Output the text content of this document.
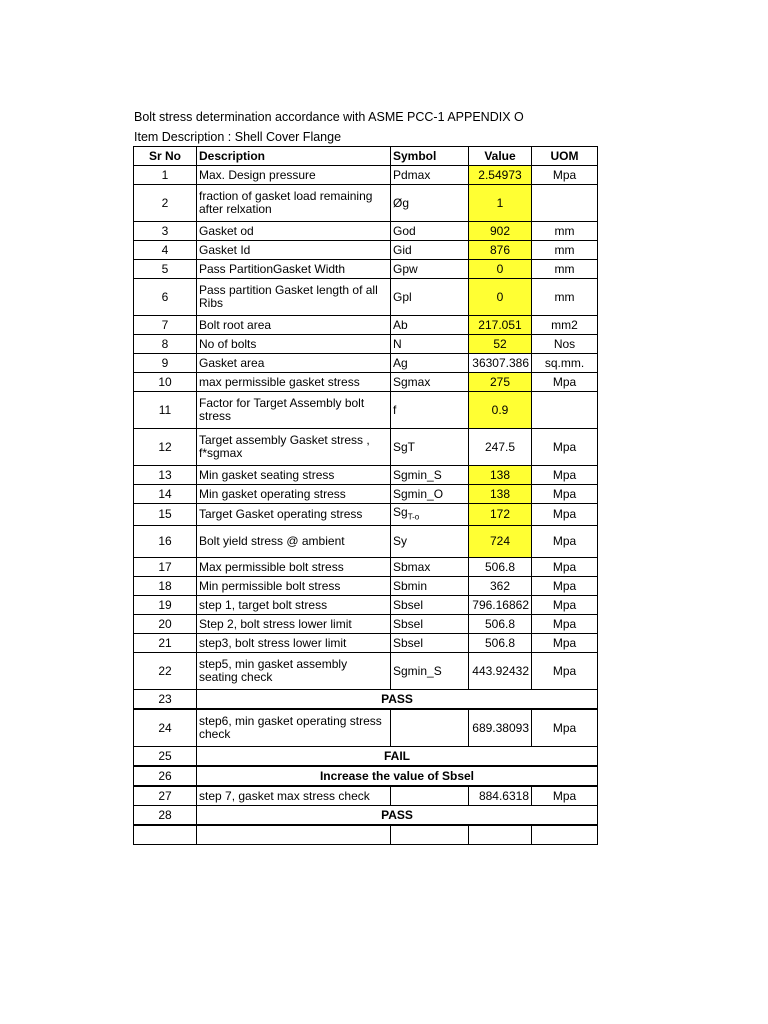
Bolt stress determination accordance with ASME PCC-1 APPENDIX O
Item Description : Shell Cover Flange
Sr No	Description	Symbol	Value	UOM
1	Max. Design pressure	Pdmax	2.54973	Mpa
2	fraction of gasket load remaining after relxation	Øg	1	
3	Gasket od	God	902	mm
4	Gasket Id	Gid	876	mm
5	Pass PartitionGasket Width	Gpw	0	mm
6	Pass partition Gasket length of all Ribs	Gpl	0	mm
7	Bolt root area	Ab	217.051	mm2
8	No of bolts	N	52	Nos
9	Gasket area	Ag	36307.386	sq.mm.
10	max permissible gasket stress	Sgmax	275	Mpa
11	Factor for Target Assembly bolt stress	f	0.9	
12	Target assembly Gasket stress , f*sgmax	SgT	247.5	Mpa
13	Min gasket seating stress	Sgmin_S	138	Mpa
14	Min gasket operating stress	Sgmin_O	138	Mpa
15	Target Gasket operating stress	$Sg_{T-o}$	172	Mpa
16	Bolt yield stress @ ambient	Sy	724	Mpa
17	Max permissible bolt stress	Sbmax	506.8	Mpa
18	Min permissible bolt stress	Sbmin	362	Mpa
19	step 1, target bolt stress	Sbsel	796.16862	Mpa
20	Step 2, bolt stress lower limit	Sbsel	506.8	Mpa
21	step3, bolt stress lower limit	Sbsel	506.8	Mpa
22	step5, min gasket assembly seating check	Sgmin_S	443.92432	Mpa
23	PASS			
24	step6, min gasket operating stress check		689.38093	Mpa
25	FAIL			
26	Increase the value of Sbsel			
27	step 7, gasket max stress check		884.6318	Mpa
28	PASS			
